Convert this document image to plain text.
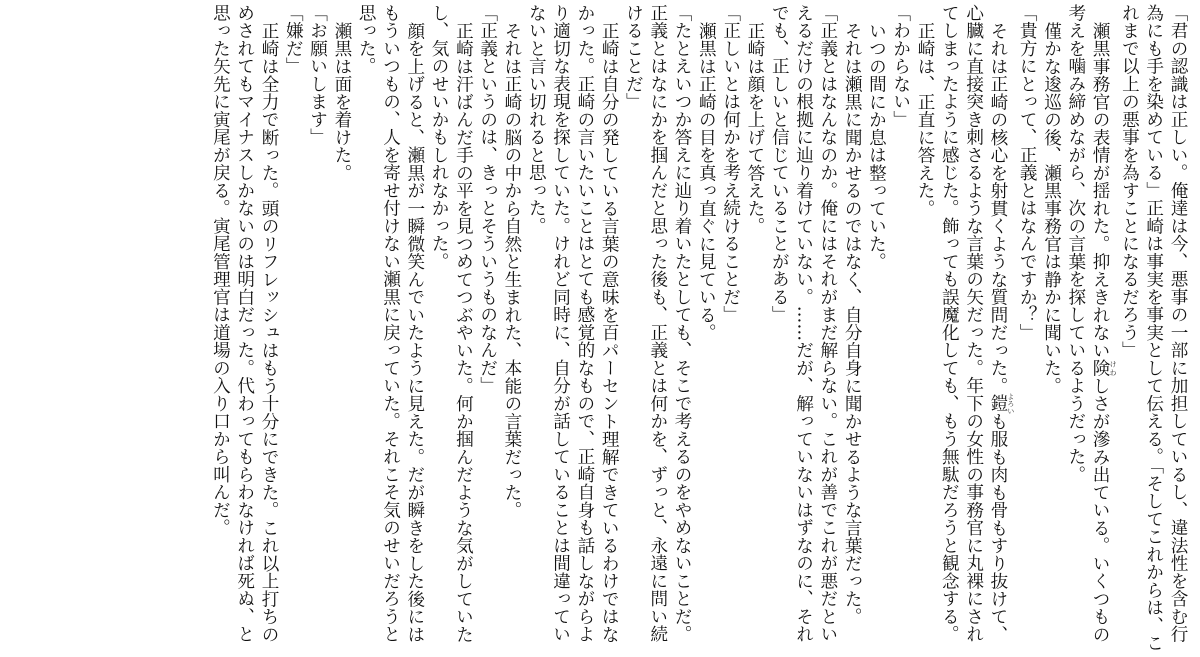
「君の認識は正しい。俺達は今、悪事の一部に加担しているし、違法性を含む行為にも手を染めている」正崎は事実を事実として伝える。「そしてこれからは、これまで以上の悪事を為すことになるだろう」

瀬黒事務官の表情が揺れた。抑えきれない険 けわしさが滲み出ている。いくつもの考えを噛み締めながら、次の言葉を探しているようだった。

僅かな逡巡の後、瀬黒事務官は静かに聞いた。

「貴方にとって、正義とはなんですか？」

それは正崎の核心を射貫くような質問だった。鎧 よろいも服も肉も骨もすり抜けて、心臓に直接突き刺さるような言葉の矢だった。年下の女性の事務官に丸裸にされてしまったように感じた。飾っても誤魔化しても、もう無駄だろうと観念する。

正崎は、正直に答えた。

「わからない」

いつの間にか息は整っていた。

それは瀬黒に聞かせるのではなく、自分自身に聞かせるような言葉だった。

「正義とはなんなのか。俺にはそれがまだ解らない。これが善でこれが悪だといえるだけの根拠に辿り着けていない。……だが、解っていないはずなのに、それでも、正しいと信じていることがある」

正崎は顔を上げて答えた。

「正しいとは何かを考え続けることだ」

瀬黒は正崎の目を真っ直ぐに見ている。

「たとえいつか答えに辿り着いたとしても、そこで考えるのをやめないことだ。正義とはなにかを掴んだと思った後も、正義とは何かを、ずっと、永遠に問い続けることだ」

正崎は自分の発している言葉の意味を百パーセント理解できているわけではなかった。正崎の言いたいことはとても感覚的なもので、正崎自身も話しながらより適切な表現を探していた。けれど同時に、自分が話していることは間違っていないと言い切れると思った。

それは正崎の脳の中から自然と生まれた、本能の言葉だった。

「正義というのは、きっとそういうものなんだ」

正崎は汗ばんだ手の平を見つめてつぶやいた。何か掴んだような気がしていたし、気のせいかもしれなかった。

顔を上げると、瀬黒が一瞬微笑んでいたように見えた。だが瞬きをした後にはもういつもの、人を寄せ付けない瀬黒に戻っていた。それこそ気のせいだろうと思った。

瀬黒は面を着けた。

「お願いします」

「嫌だ」

正崎は全力で断った。頭のリフレッシュはもう十分にできた。これ以上打ちのめされてもマイナスしかないのは明白だった。代わってもらわなければ死ぬ、と思った矢先に寅尾が戻る。寅尾管理官は道場の入り口から叫んだ。
